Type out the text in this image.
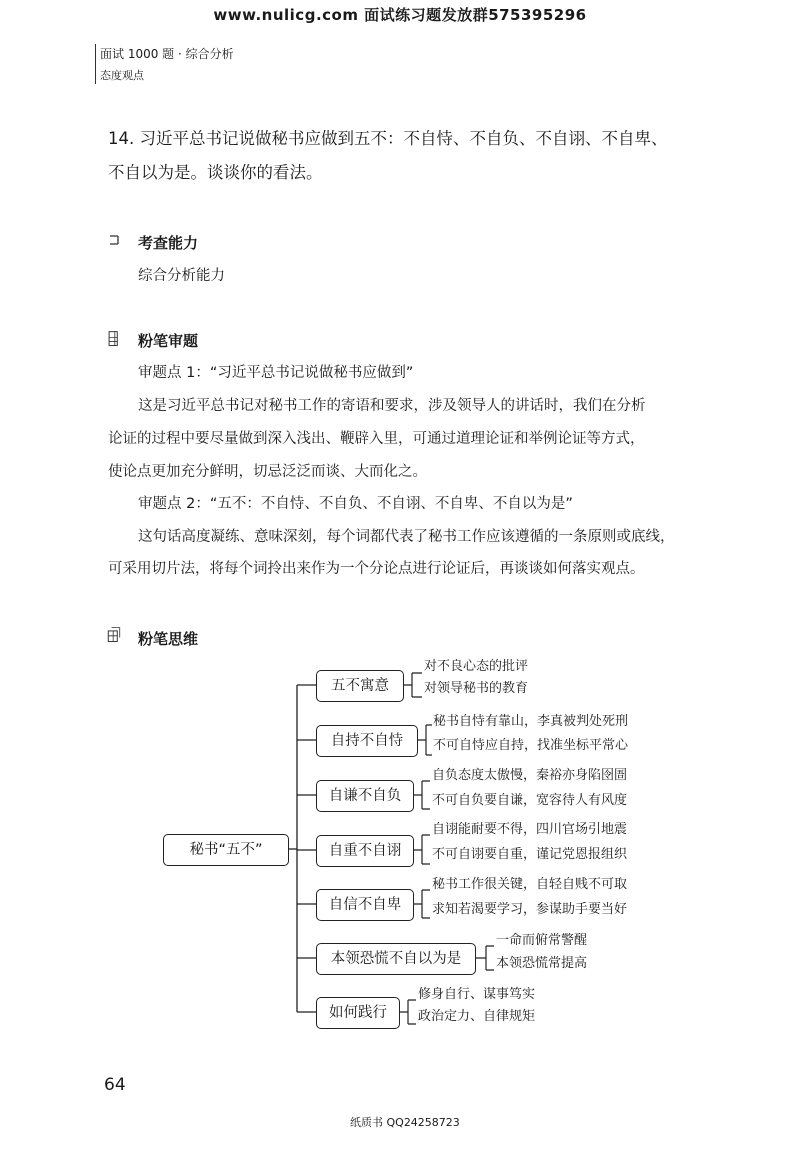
www.nulicg.com 面试练习题发放群575395296
面试 1000 题 · 综合分析
态度观点
14. 习近平总书记说做秘书应做到五不：不自恃、不自负、不自诩、不自卑、
不自以为是。谈谈你的看法。
考查能力
综合分析能力
粉笔审题
审题点 1：“习近平总书记说做秘书应做到”
这是习近平总书记对秘书工作的寄语和要求，涉及领导人的讲话时，我们在分析
论证的过程中要尽量做到深入浅出、鞭辟入里，可通过道理论证和举例论证等方式，
使论点更加充分鲜明，切忌泛泛而谈、大而化之。
审题点 2：“五不：不自恃、不自负、不自诩、不自卑、不自以为是”
这句话高度凝练、意味深刻，每个词都代表了秘书工作应该遵循的一条原则或底线，
可采用切片法，将每个词拎出来作为一个分论点进行论证后，再谈谈如何落实观点。
粉笔思维
秘书“五不”
五不寓意
对不良心态的批评
对领导秘书的教育
自持不自恃
秘书自恃有靠山，李真被判处死刑
不可自恃应自持，找准坐标平常心
自谦不自负
自负态度太傲慢，秦裕亦身陷囹圄
不可自负要自谦，宽容待人有风度
自重不自诩
自诩能耐要不得，四川官场引地震
不可自诩要自重，谨记党恩报组织
自信不自卑
秘书工作很关键，自轻自贱不可取
求知若渴要学习，参谋助手要当好
本领恐慌不自以为是
一命而俯常警醒
本领恐慌常提高
如何践行
修身自行、谋事笃实
政治定力、自律规矩
64
纸质书 QQ24258723
